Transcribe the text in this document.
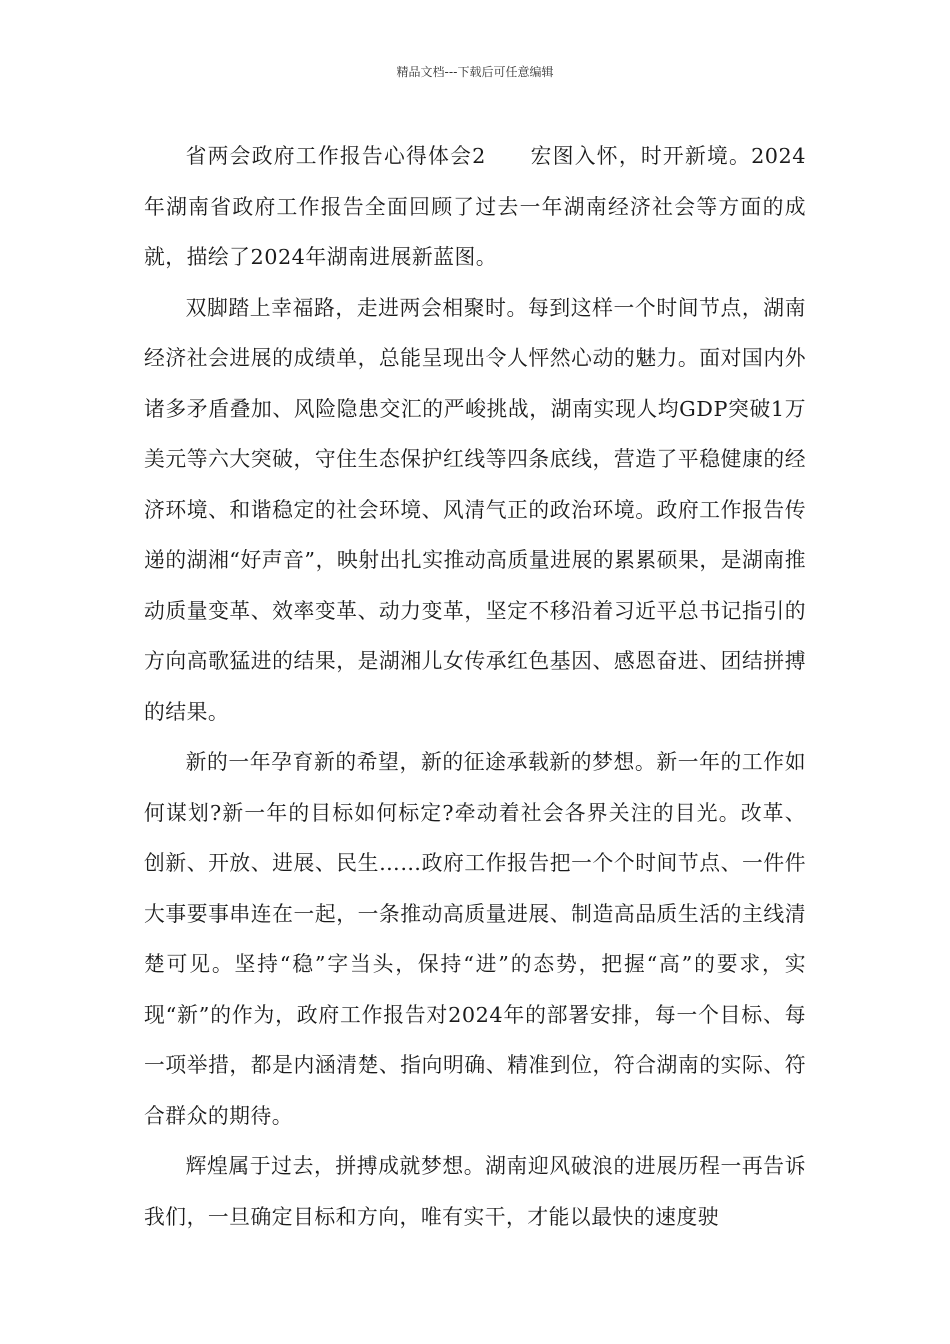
精品文档---下载后可任意编辑

省两会政府工作报告心得体会2　　宏图入怀，时开新境。2024年湖南省政府工作报告全面回顾了过去一年湖南经济社会等方面的成就，描绘了2024年湖南进展新蓝图。

双脚踏上幸福路，走进两会相聚时。每到这样一个时间节点，湖南经济社会进展的成绩单，总能呈现出令人怦然心动的魅力。面对国内外诸多矛盾叠加、风险隐患交汇的严峻挑战，湖南实现人均GDP突破1万美元等六大突破，守住生态保护红线等四条底线，营造了平稳健康的经济环境、和谐稳定的社会环境、风清气正的政治环境。政府工作报告传递的湖湘“好声音”，映射出扎实推动高质量进展的累累硕果，是湖南推动质量变革、效率变革、动力变革，坚定不移沿着习近平总书记指引的方向高歌猛进的结果，是湖湘儿女传承红色基因、感恩奋进、团结拼搏的结果。

新的一年孕育新的希望，新的征途承载新的梦想。新一年的工作如何谋划?新一年的目标如何标定?牵动着社会各界关注的目光。改革、创新、开放、进展、民生……政府工作报告把一个个时间节点、一件件大事要事串连在一起，一条推动高质量进展、制造高品质生活的主线清楚可见。坚持“稳”字当头，保持“进”的态势，把握“高”的要求，实现“新”的作为，政府工作报告对2024年的部署安排，每一个目标、每一项举措，都是内涵清楚、指向明确、精准到位，符合湖南的实际、符合群众的期待。

辉煌属于过去，拼搏成就梦想。湖南迎风破浪的进展历程一再告诉我们，一旦确定目标和方向，唯有实干，才能以最快的速度驶
